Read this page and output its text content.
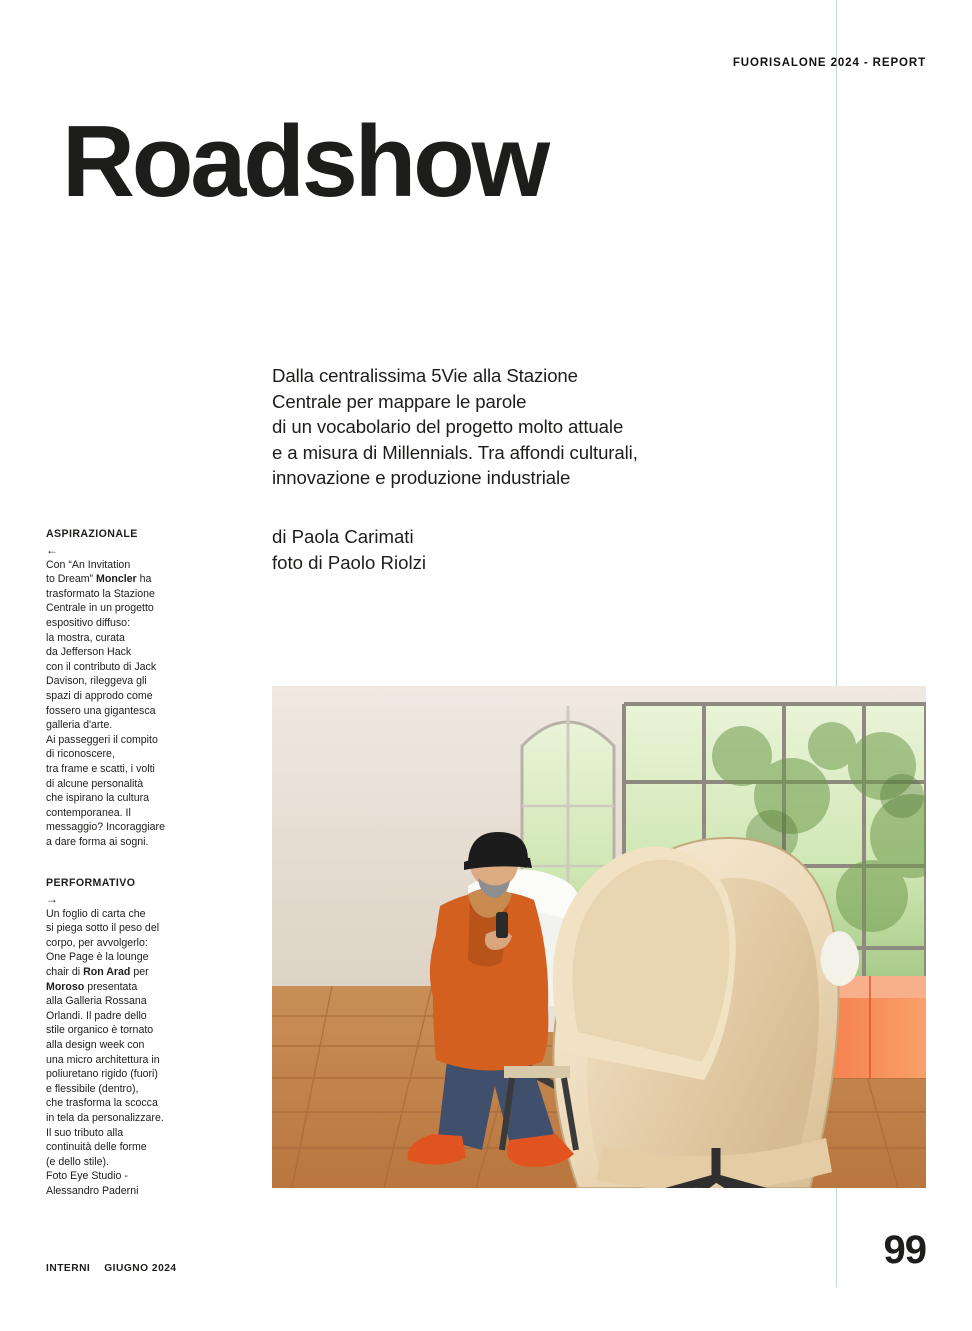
FUORISALONE 2024 - REPORT
Roadshow
Dalla centralissima 5Vie alla Stazione
Centrale per mappare le parole
di un vocabolario del progetto molto attuale
e a misura di Millennials. Tra affondi culturali,
innovazione e produzione industriale
di Paola Carimati
foto di Paolo Riolzi
ASPIRAZIONALE
←
Con “An Invitation
to Dream” Moncler ha
trasformato la Stazione
Centrale in un progetto
espositivo diffuso:
la mostra, curata
da Jefferson Hack
con il contributo di Jack
Davison, rileggeva gli
spazi di approdo come
fossero una gigantesca
galleria d'arte.
Ai passeggeri il compito
di riconoscere,
tra frame e scatti, i volti
di alcune personalità
che ispirano la cultura
contemporanea. Il
messaggio? Incoraggiare
a dare forma ai sogni.
PERFORMATIVO
→
Un foglio di carta che
si piega sotto il peso del
corpo, per avvolgerlo:
One Page è la lounge
chair di Ron Arad per
Moroso presentata
alla Galleria Rossana
Orlandi. Il padre dello
stile organico è tornato
alla design week con
una micro architettura in
poliuretano rigido (fuori)
e flessibile (dentro),
che trasforma la scocca
in tela da personalizzare.
Il suo tributo alla
continuità delle forme
(e dello stile).
Foto Eye Studio -
Alessandro Paderni
99
INTERNI GIUGNO 2024
